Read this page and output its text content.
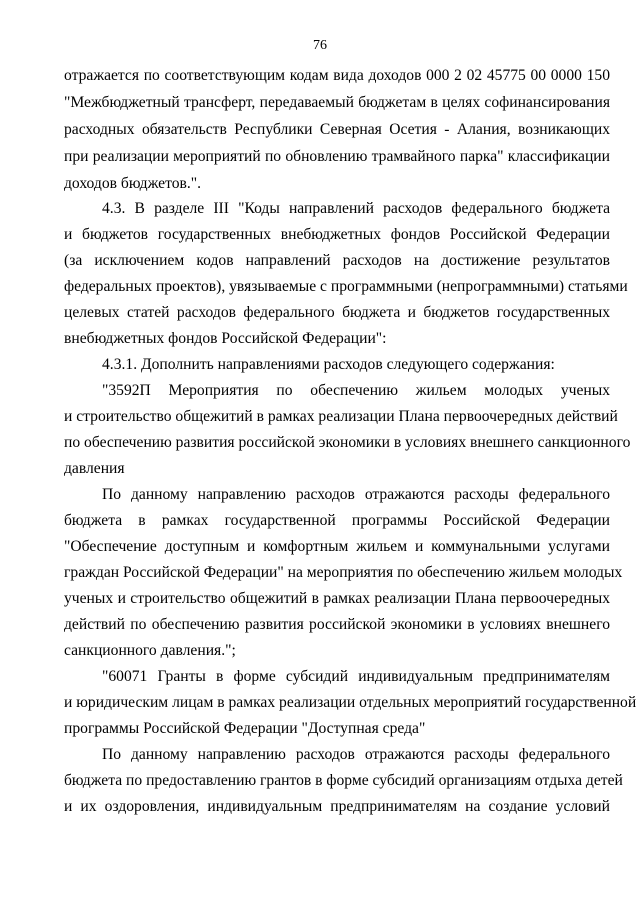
76
отражается по соответствующим кодам вида доходов 000 2 02 45775 00 0000 150
"Межбюджетный трансферт, передаваемый бюджетам в целях софинансирования
расходных обязательств Республики Северная Осетия - Алания, возникающих
при реализации мероприятий по обновлению трамвайного парка" классификации
доходов бюджетов.".
4.3. В разделе III "Коды направлений расходов федерального бюджета
и бюджетов государственных внебюджетных фондов Российской Федерации
(за исключением кодов направлений расходов на достижение результатов
федеральных проектов), увязываемые с программными (непрограммными) статьями
целевых статей расходов федерального бюджета и бюджетов государственных
внебюджетных фондов Российской Федерации":
4.3.1. Дополнить направлениями расходов следующего содержания:
"3592П Мероприятия по обеспечению жильем молодых ученых
и строительство общежитий в рамках реализации Плана первоочередных действий
по обеспечению развития российской экономики в условиях внешнего санкционного
давления
По данному направлению расходов отражаются расходы федерального
бюджета в рамках государственной программы Российской Федерации
"Обеспечение доступным и комфортным жильем и коммунальными услугами
граждан Российской Федерации" на мероприятия по обеспечению жильем молодых
ученых и строительство общежитий в рамках реализации Плана первоочередных
действий по обеспечению развития российской экономики в условиях внешнего
санкционного давления.";
"60071 Гранты в форме субсидий индивидуальным предпринимателям
и юридическим лицам в рамках реализации отдельных мероприятий государственной
программы Российской Федерации "Доступная среда"
По данному направлению расходов отражаются расходы федерального
бюджета по предоставлению грантов в форме субсидий организациям отдыха детей
и их оздоровления, индивидуальным предпринимателям на создание условий
